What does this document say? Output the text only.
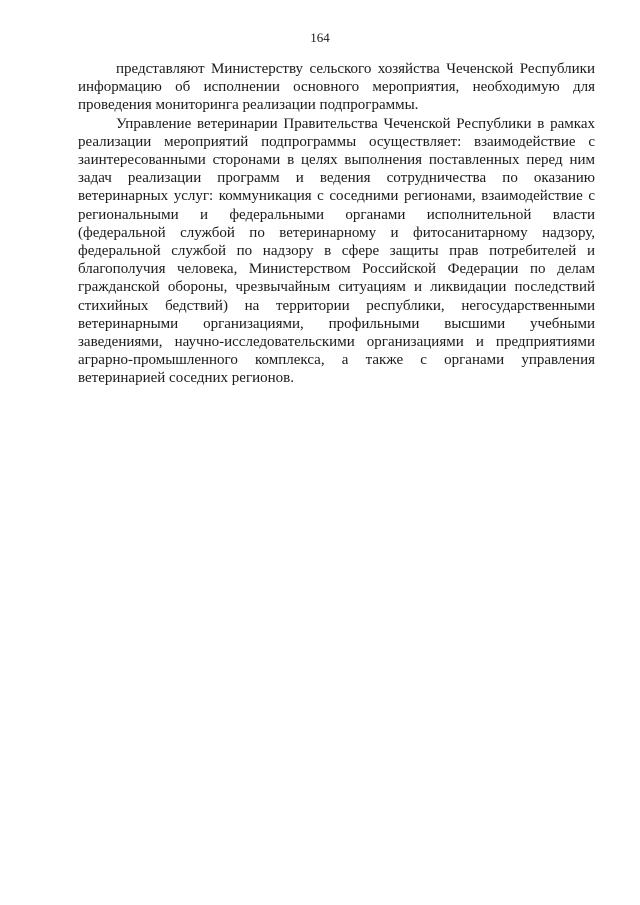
164

представляют Министерству сельского хозяйства Чеченской Республики информацию об исполнении основного мероприятия, необходимую для проведения мониторинга реализации подпрограммы.

Управление ветеринарии Правительства Чеченской Республики в рамках реализации мероприятий подпрограммы осуществляет: взаимодействие с заинтересованными сторонами в целях выполнения поставленных перед ним задач реализации программ и ведения сотрудничества по оказанию ветеринарных услуг: коммуникация с соседними регионами, взаимодействие с региональными и федеральными органами исполнительной власти (федеральной службой по ветеринарному и фитосанитарному надзору, федеральной службой по надзору в сфере защиты прав потребителей и благополучия человека, Министерством Российской Федерации по делам гражданской обороны, чрезвычайным ситуациям и ликвидации последствий стихийных бедствий) на территории республики, негосударственными ветеринарными организациями, профильными высшими учебными заведениями, научно-исследовательскими организациями и предприятиями аграрно-промышленного комплекса, а также с органами управления ветеринарией соседних регионов.
